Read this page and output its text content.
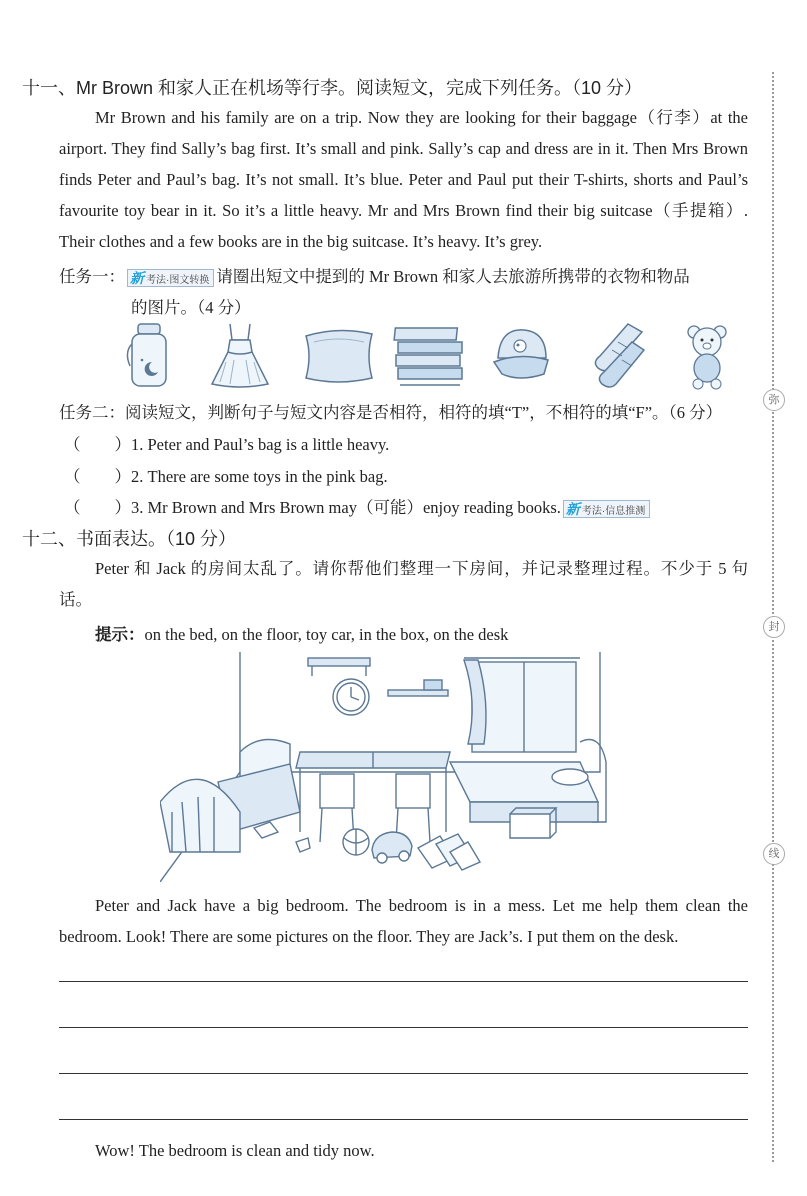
十一、Mr Brown 和家人正在机场等行李。阅读短文，完成下列任务。（10 分）
Mr Brown and his family are on a trip. Now they are looking for their baggage（行李）at the airport. They find Sally’s bag first. It’s small and pink. Sally’s cap and dress are in it. Then Mrs Brown finds Peter and Paul’s bag. It’s not small. It’s blue. Peter and Paul put their T-shirts, shorts and Paul’s favourite toy bear in it. So it’s a little heavy. Mr and Mrs Brown find their big suitcase（手提箱）. Their clothes and a few books are in the big suitcase. It’s heavy. It’s grey.
任务一： 新 考法·图文转换 请圈出短文中提到的 Mr Brown 和家人去旅游所携带的衣物和物品
的图片。（4 分）
任务二：阅读短文，判断句子与短文内容是否相符，相符的填“T”，不相符的填“F”。（6 分）
（ ）1. Peter and Paul’s bag is a little heavy.
（ ）2. There are some toys in the pink bag.
（ ）3. Mr Brown and Mrs Brown may（可能）enjoy reading books. 新 考法·信息推测
十二、书面表达。（10 分）
Peter 和 Jack 的房间太乱了。请你帮他们整理一下房间，并记录整理过程。不少于 5 句话。
提示：on the bed, on the floor, toy car, in the box, on the desk
Peter and Jack have a big bedroom. The bedroom is in a mess. Let me help them clean the bedroom. Look! There are some pictures on the floor. They are Jack’s. I put them on the desk.
Wow! The bedroom is clean and tidy now.
弥
封
线
